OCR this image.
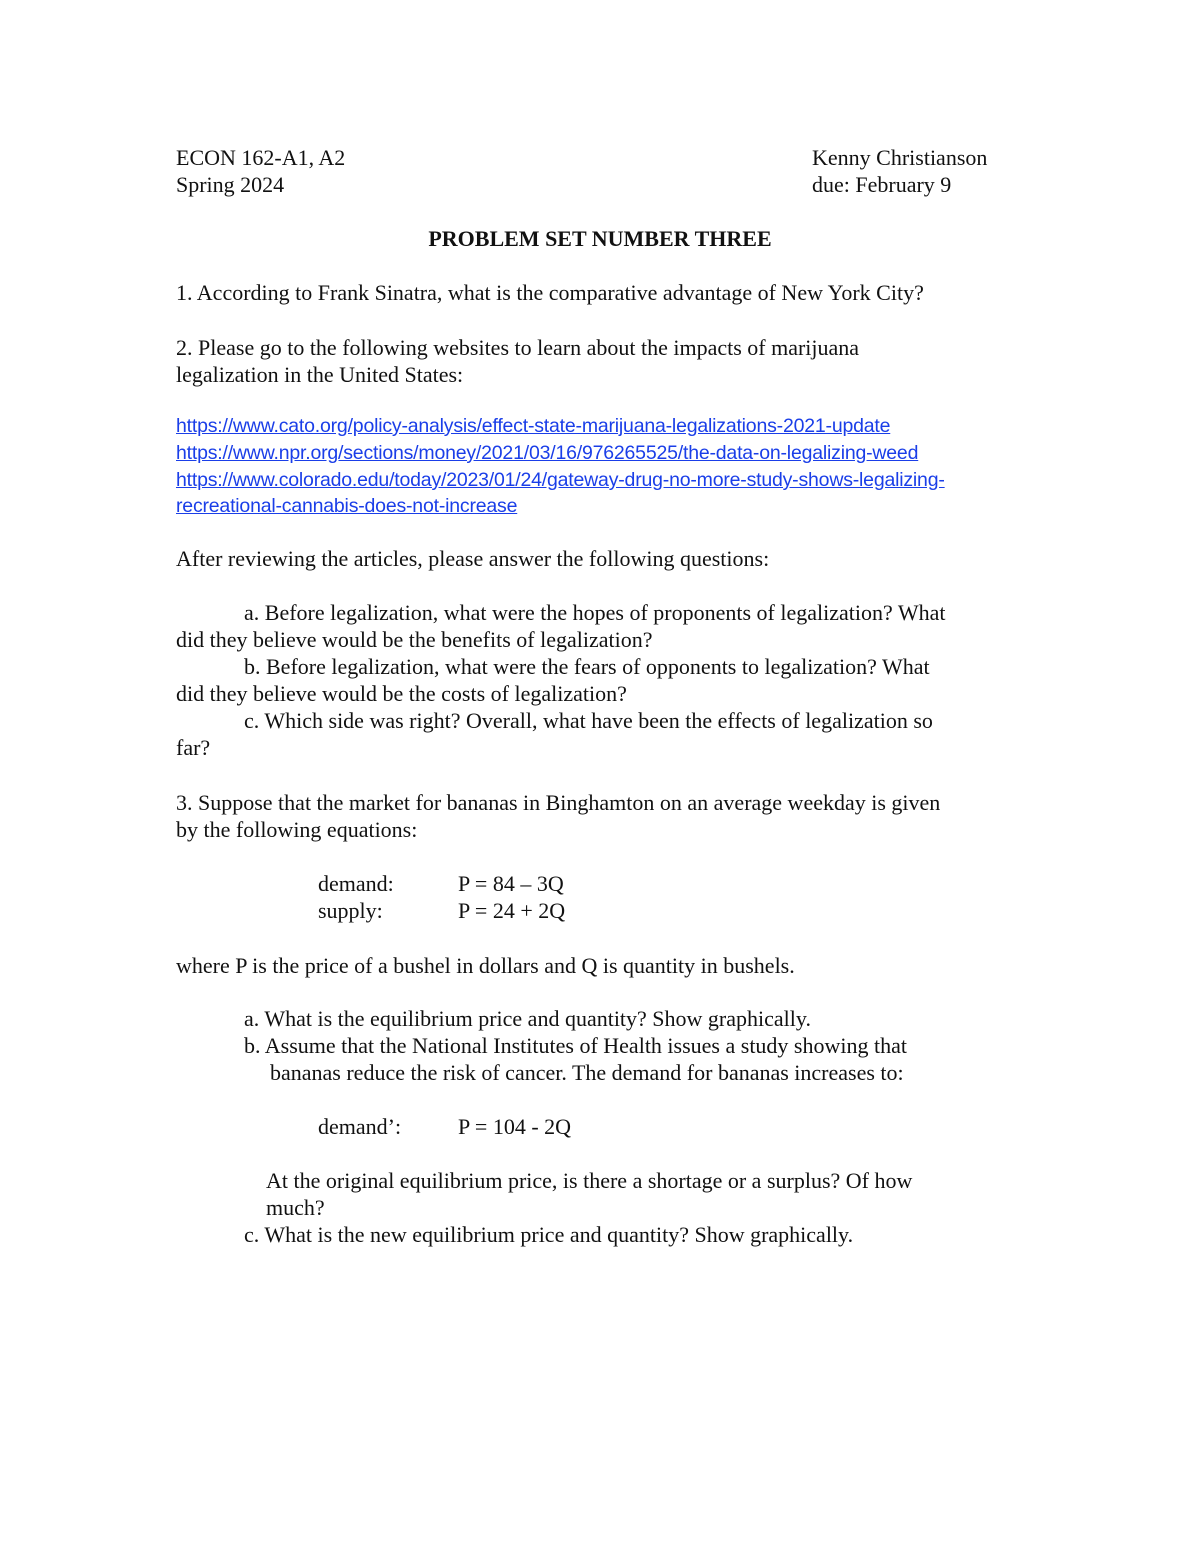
ECON 162-A1, A2
Spring 2024
Kenny Christianson
due: February 9
PROBLEM SET NUMBER THREE
1. According to Frank Sinatra, what is the comparative advantage of New York City?
2. Please go to the following websites to learn about the impacts of marijuana
legalization in the United States:
https://www.cato.org/policy-analysis/effect-state-marijuana-legalizations-2021-update
https://www.npr.org/sections/money/2021/03/16/976265525/the-data-on-legalizing-weed
https://www.colorado.edu/today/2023/01/24/gateway-drug-no-more-study-shows-legalizing-
recreational-cannabis-does-not-increase
After reviewing the articles, please answer the following questions:
a. Before legalization, what were the hopes of proponents of legalization? What
did they believe would be the benefits of legalization?
b. Before legalization, what were the fears of opponents to legalization? What
did they believe would be the costs of legalization?
c. Which side was right? Overall, what have been the effects of legalization so
far?
3. Suppose that the market for bananas in Binghamton on an average weekday is given
by the following equations:
demand:	P = 84 – 3Q
supply:	P = 24 + 2Q
where P is the price of a bushel in dollars and Q is quantity in bushels.
a. What is the equilibrium price and quantity? Show graphically.
b. Assume that the National Institutes of Health issues a study showing that
bananas reduce the risk of cancer. The demand for bananas increases to:
demand’:	P = 104 - 2Q
At the original equilibrium price, is there a shortage or a surplus? Of how
much?
c. What is the new equilibrium price and quantity? Show graphically.
